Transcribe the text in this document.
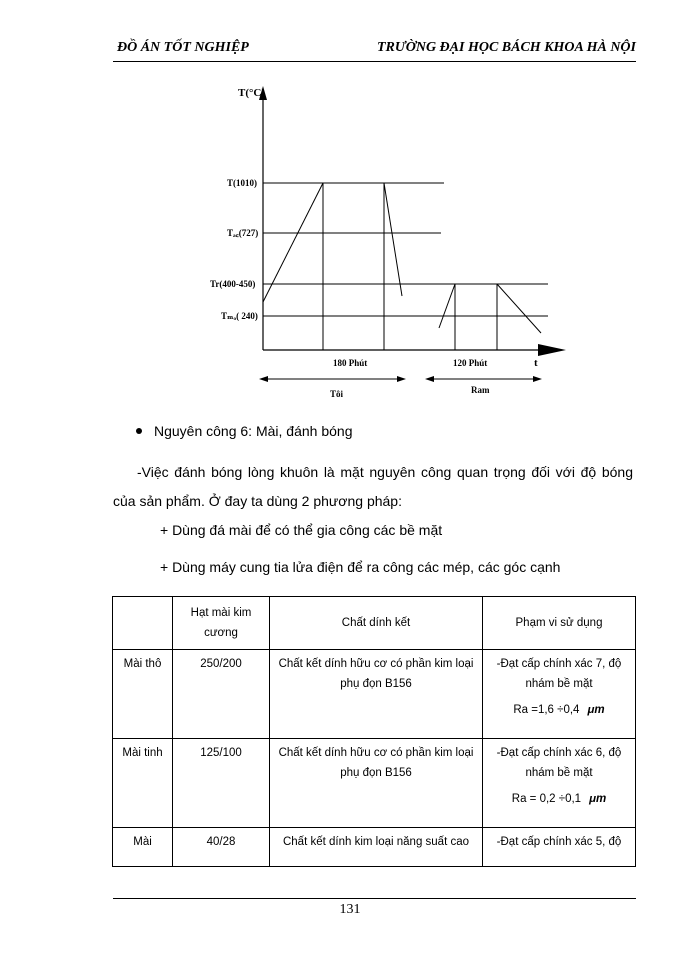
ĐỒ ÁN TỐT NGHIỆP	TRƯỜNG ĐẠI HỌC BÁCH KHOA HÀ NỘI
T(°C)
t
T(1010)
Tₐ꜀(727)
Tr(400-450)
Tₘₒ( 240)
180 Phút	120 Phút
Tôi	Ram
Nguyên công 6: Mài, đánh bóng
-Việc đánh bóng lòng khuôn là mặt nguyên công quan trọng đối với độ bóng của sản phẩm. Ở đay ta dùng 2 phương pháp:
+ Dùng đá mài để có thể gia công các bề mặt
+ Dùng máy cung tia lửa điện để ra công các mép, các góc cạnh
	Hạt mài kim cương	Chất dính kết	Phạm vi sử dụng
Mài thô	250/200	Chất kết dính hữu cơ có phần kim loại phụ đọn B156	-Đạt cấp chính xác 7, độ nhám bề mặt
Ra =1,6 ÷0,4 μm

Mài tinh	125/100	Chất kết dính hữu cơ có phần kim loại phụ đọn B156	-Đạt cấp chính xác 6, độ nhám bề mặt
Ra = 0,2 ÷0,1 μm

Mài	40/28	Chất kết dính kim loại năng suất cao	-Đạt cấp chính xác 5, độ
131
